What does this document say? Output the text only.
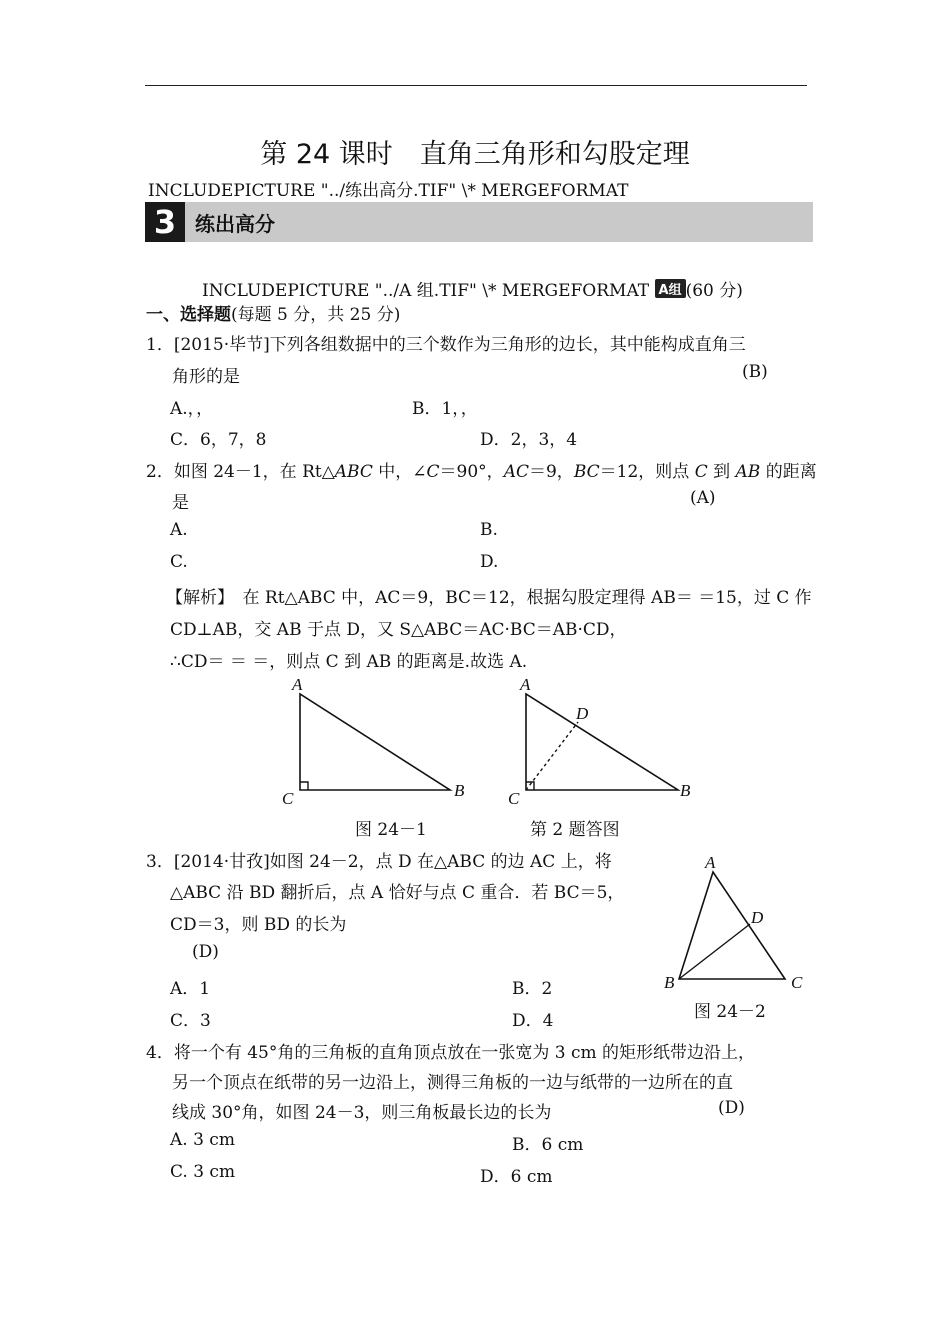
第 24 课时　直角三角形和勾股定理
INCLUDEPICTURE "../练出高分.TIF" \* MERGEFORMAT
3 练出高分
INCLUDEPICTURE "../A 组.TIF" \* MERGEFORMAT A组 (60 分)
一、选择题(每题 5 分，共 25 分)
1．[2015·毕节]下列各组数据中的三个数作为三角形的边长，其中能构成直角三
角形的是	(B)
A.，，	B．1，，
C．6，7，8	D．2，3，4
2．如图 24－1，在 Rt△ABC 中，∠C＝90°，AC＝9，BC＝12，则点 C 到 AB 的距离
是	(A)
A.	B.
C.	D.
【解析】　在 Rt△ABC 中，AC＝9，BC＝12，根据勾股定理得 AB＝ ＝15，过 C 作
CD⊥AB，交 AB 于点 D，又 S△ABC＝AC·BC＝AB·CD，
∴CD＝ ＝ ＝，则点 C 到 AB 的距离是.故选 A.
A
C	B
A
D
C	B
图 24－1	第 2 题答图
3．[2014·甘孜]如图 24－2，点 D 在△ABC 的边 AC 上，将
△ABC 沿 BD 翻折后，点 A 恰好与点 C 重合．若 BC＝5，
CD＝3，则 BD 的长为
(D)
A．1	B．2
C．3	D．4
A
D
B	C
图 24－2
4．将一个有 45°角的三角板的直角顶点放在一张宽为 3 cm 的矩形纸带边沿上，
另一个顶点在纸带的另一边沿上，测得三角板的一边与纸带的一边所在的直
线成 30°角，如图 24－3，则三角板最长边的长为	(D)
A. 3 cm	B．6 cm
C. 3 cm	D．6 cm
